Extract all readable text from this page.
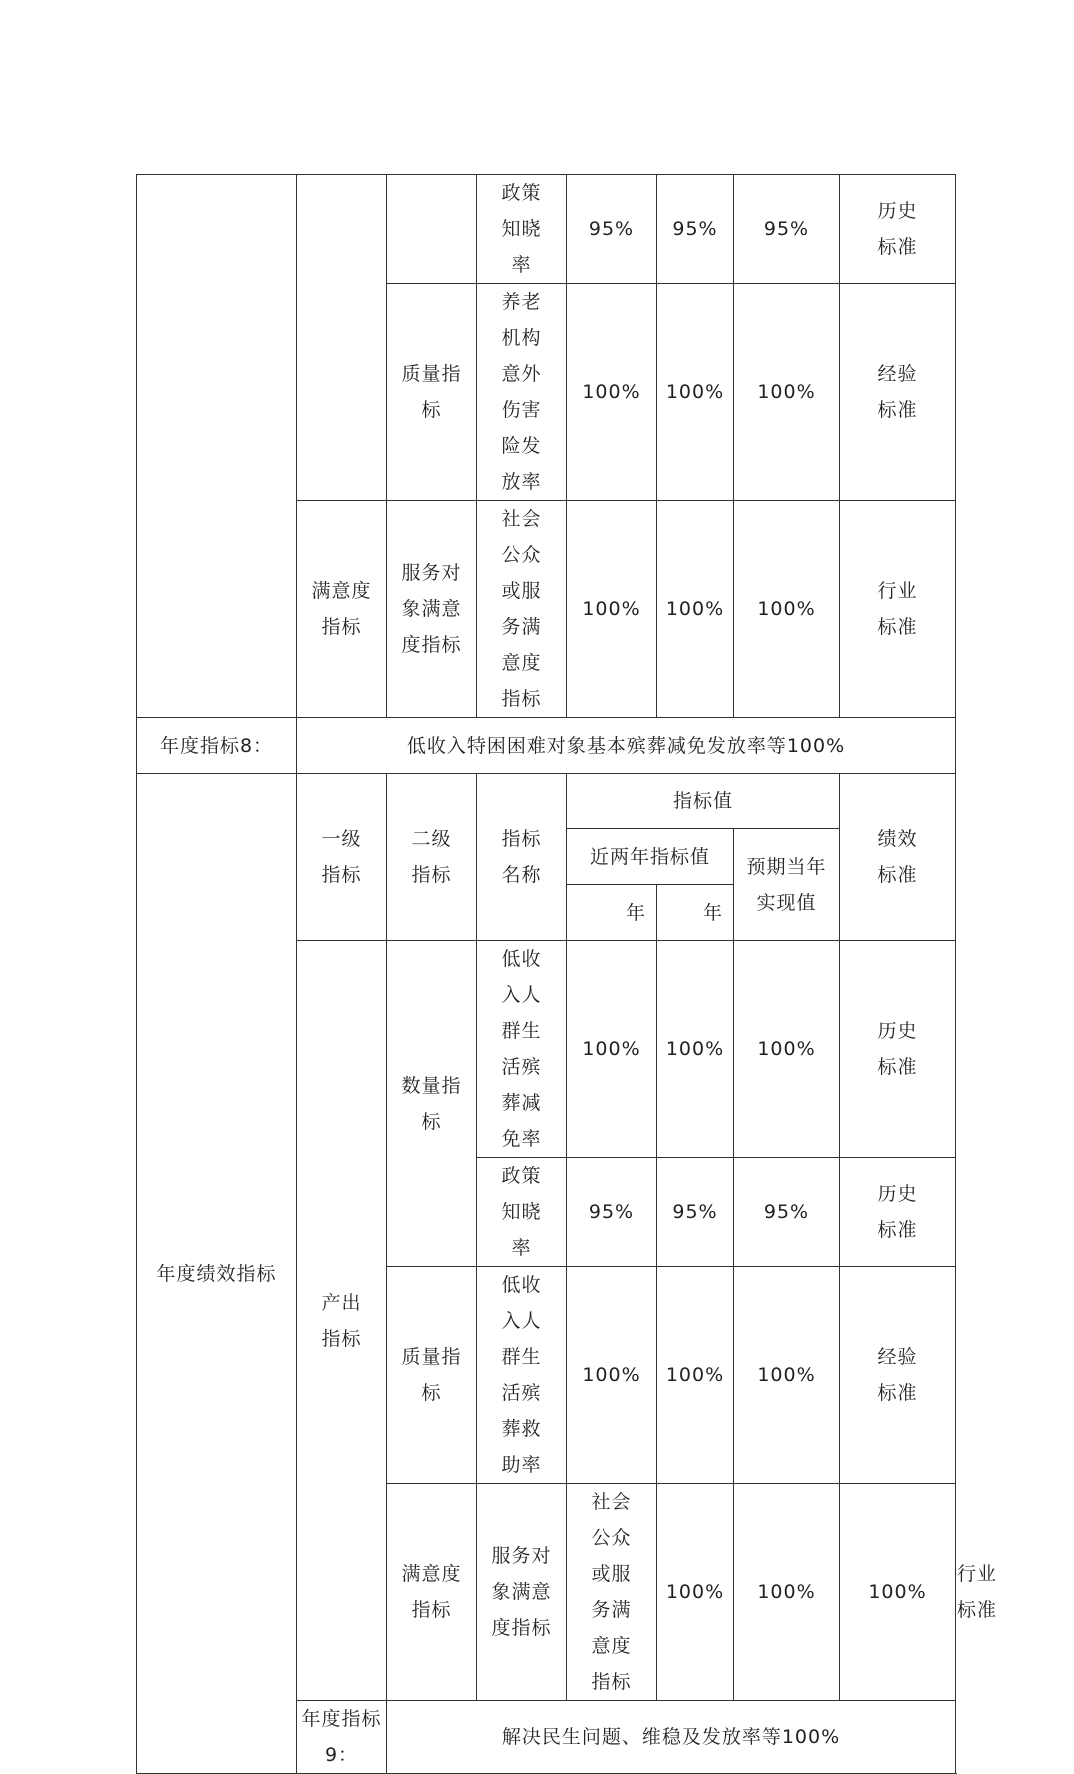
			政策知晓率	95%	95%	95%	历史标准	

		质量指标	养老机构意外伤害险发放率	100%	100%	100%	经验标准	

	满意度指标	服务对象满意度指标	社会公众或服务满意度指标	100%	100%	100%	行业标准	

年度指标8：	低收入特困困难对象基本殡葬减免发放率等100%							
年度绩效指标	一级指标	二级指标	指标名称	指标值			绩效标准	

				近两年指标值		预期当年实现值		

				年	年			

	产出指标	数量指标	低收入人群生活殡葬减免率	100%	100%	100%	历史标准	

			政策知晓率	95%	95%	95%	历史标准	

		质量指标	低收入人群生活殡葬救助率	100%	100%	100%	经验标准	

		满意度指标	服务对象满意度指标	社会公众或服务满意度指标	100%	100%	100%	行业标准

	年度指标9：	解决民生问题、维稳及发放率等100%						
